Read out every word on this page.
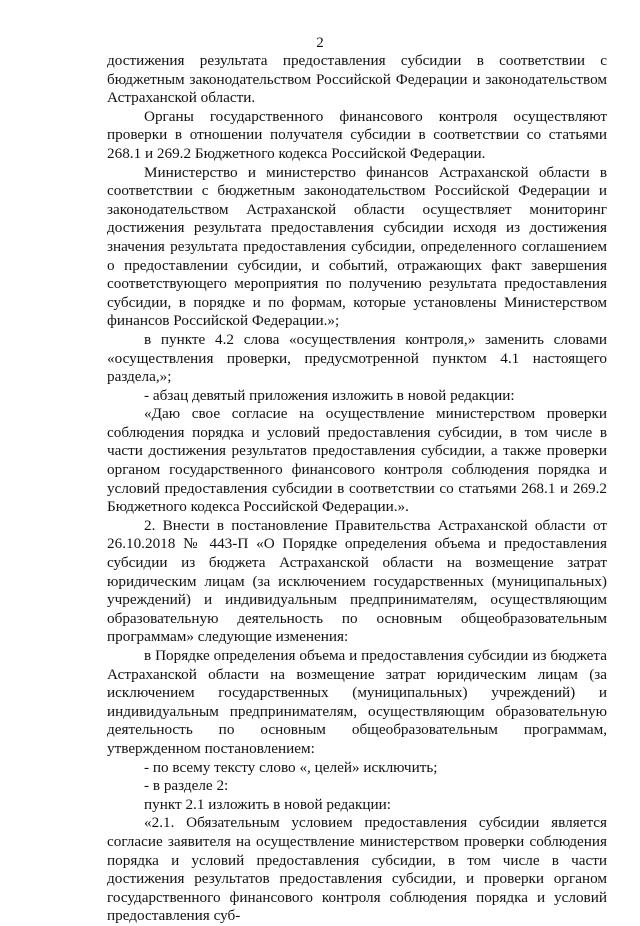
2

достижения результата предоставления субсидии в соответствии с бюджетным законодательством Российской Федерации и законодательством Астраханской области.

Органы государственного финансового контроля осуществляют проверки в отношении получателя субсидии в соответствии со статьями 268.1 и 269.2 Бюджетного кодекса Российской Федерации.

Министерство и министерство финансов Астраханской области в соответствии с бюджетным законодательством Российской Федерации и законодательством Астраханской области осуществляет мониторинг достижения результата предоставления субсидии исходя из достижения значения результата предоставления субсидии, определенного соглашением о предоставлении субсидии, и событий, отражающих факт завершения соответствующего мероприятия по получению результата предоставления субсидии, в порядке и по формам, которые установлены Министерством финансов Российской Федерации.»;

в пункте 4.2 слова «осуществления контроля,» заменить словами «осуществления проверки, предусмотренной пунктом 4.1 настоящего раздела,»;

- абзац девятый приложения изложить в новой редакции:

«Даю свое согласие на осуществление министерством проверки соблюдения порядка и условий предоставления субсидии, в том числе в части достижения результатов предоставления субсидии, а также проверки органом государственного финансового контроля соблюдения порядка и условий предоставления субсидии в соответствии со статьями 268.1 и 269.2 Бюджетного кодекса Российской Федерации.».

2. Внести в постановление Правительства Астраханской области от 26.10.2018 № 443-П «О Порядке определения объема и предоставления субсидии из бюджета Астраханской области на возмещение затрат юридическим лицам (за исключением государственных (муниципальных) учреждений) и индивидуальным предпринимателям, осуществляющим образовательную деятельность по основным общеобразовательным программам» следующие изменения:

в Порядке определения объема и предоставления субсидии из бюджета Астраханской области на возмещение затрат юридическим лицам (за исключением государственных (муниципальных) учреждений) и индивидуальным предпринимателям, осуществляющим образовательную деятельность по основным общеобразовательным программам, утвержденном постановлением:

- по всему тексту слово «, целей» исключить;

- в разделе 2:

пункт 2.1 изложить в новой редакции:

«2.1. Обязательным условием предоставления субсидии является согласие заявителя на осуществление министерством проверки соблюдения порядка и условий предоставления субсидии, в том числе в части достижения результатов предоставления субсидии, и проверки органом государственного финансового контроля соблюдения порядка и условий предоставления суб-
